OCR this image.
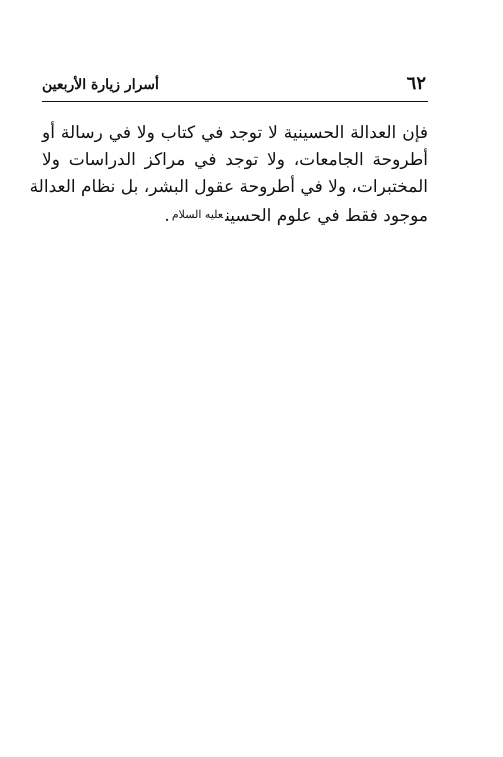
أسرار زيارة الأربعين	٦٢
فإن العدالة الحسينية لا توجد في كتاب ولا في رسالة أو
أطروحة الجامعات، ولا توجد في مراكز الدراسات ولا
المختبرات، ولا في أطروحة عقول البشر، بل نظام العدالة
موجود فقط في علوم الحسينعليه السلام.
